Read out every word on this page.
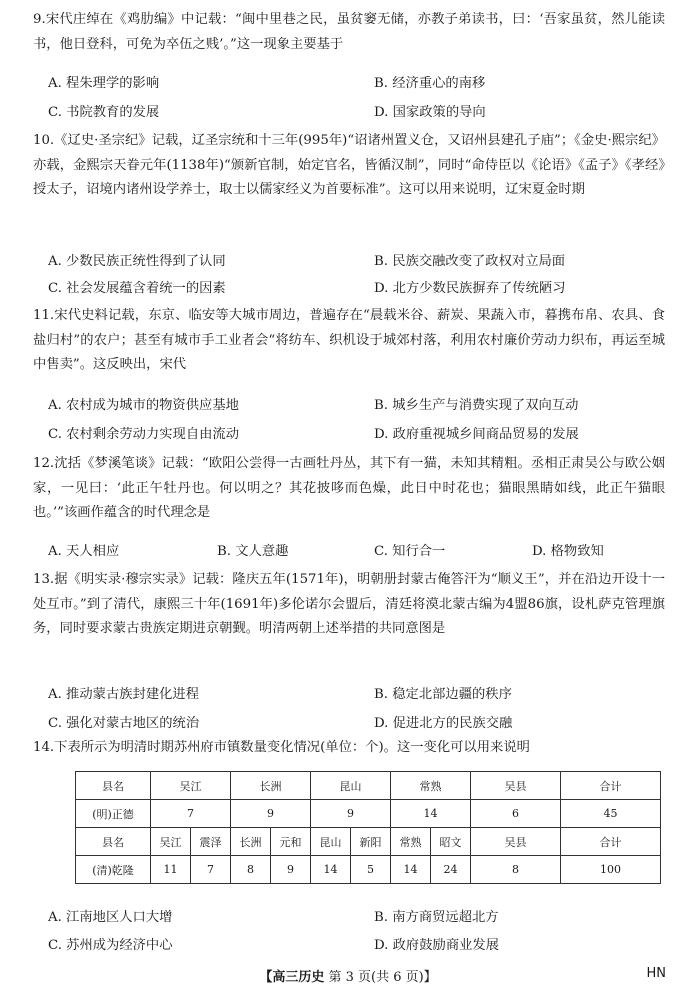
9.宋代庄绰在《鸡肋编》中记载：“闽中里巷之民，虽贫窭无储，亦教子弟读书，曰：‘吾家虽贫，然儿能读书，他日登科，可免为卒伍之贱’。”这一现象主要基于

A. 程朱理学的影响	B. 经济重心的南移
C. 书院教育的发展	D. 国家政策的导向

10.《辽史·圣宗纪》记载，辽圣宗统和十三年(995年)“诏诸州置义仓，又诏州县建孔子庙”；《金史·熙宗纪》亦载，金熙宗天眷元年(1138年)“颁新官制，始定官名，皆循汉制”，同时“命侍臣以《论语》《孟子》《孝经》授太子，诏境内诸州设学养士，取士以儒家经义为首要标准”。这可以用来说明，辽宋夏金时期

A. 少数民族正统性得到了认同	B. 民族交融改变了政权对立局面
C. 社会发展蕴含着统一的因素	D. 北方少数民族摒弃了传统陋习

11.宋代史料记载，东京、临安等大城市周边，普遍存在“晨载米谷、薪炭、果蔬入市，暮携布帛、农具、食盐归村”的农户；甚至有城市手工业者会“将纺车、织机设于城郊村落，利用农村廉价劳动力织布，再运至城中售卖”。这反映出，宋代

A. 农村成为城市的物资供应基地	B. 城乡生产与消费实现了双向互动
C. 农村剩余劳动力实现自由流动	D. 政府重视城乡间商品贸易的发展

12.沈括《梦溪笔谈》记载：“欧阳公尝得一古画牡丹丛，其下有一猫，未知其精粗。丞相正肃吴公与欧公姻家，一见曰：‘此正午牡丹也。何以明之？其花披哆而色燥，此日中时花也；猫眼黑睛如线，此正午猫眼也。’”该画作蕴含的时代理念是

A. 天人相应	B. 文人意趣	C. 知行合一	D. 格物致知

13.据《明实录·穆宗实录》记载：隆庆五年(1571年)，明朝册封蒙古俺答汗为“顺义王”，并在沿边开设十一处互市。”到了清代，康熙三十年(1691年)多伦诺尔会盟后，清廷将漠北蒙古编为4盟86旗，设札萨克管理旗务，同时要求蒙古贵族定期进京朝觐。明清两朝上述举措的共同意图是

A. 推动蒙古族封建化进程	B. 稳定北部边疆的秩序
C. 强化对蒙古地区的统治	D. 促进北方的民族交融

14.下表所示为明清时期苏州府市镇数量变化情况(单位：个)。这一变化可以用来说明

县名	吴江		长洲		昆山		常熟		吴县	合计
(明)正德	7		9		9		14		6	45
县名	吴江	震泽	长洲	元和	昆山	新阳	常熟	昭文	吴县	合计
(清)乾隆	11	7	8	9	14	5	14	24	8	100
A. 江南地区人口大增	B. 南方商贸远超北方
C. 苏州成为经济中心	D. 政府鼓励商业发展
【高三历史 第 3 页(共 6 页)】	HN
